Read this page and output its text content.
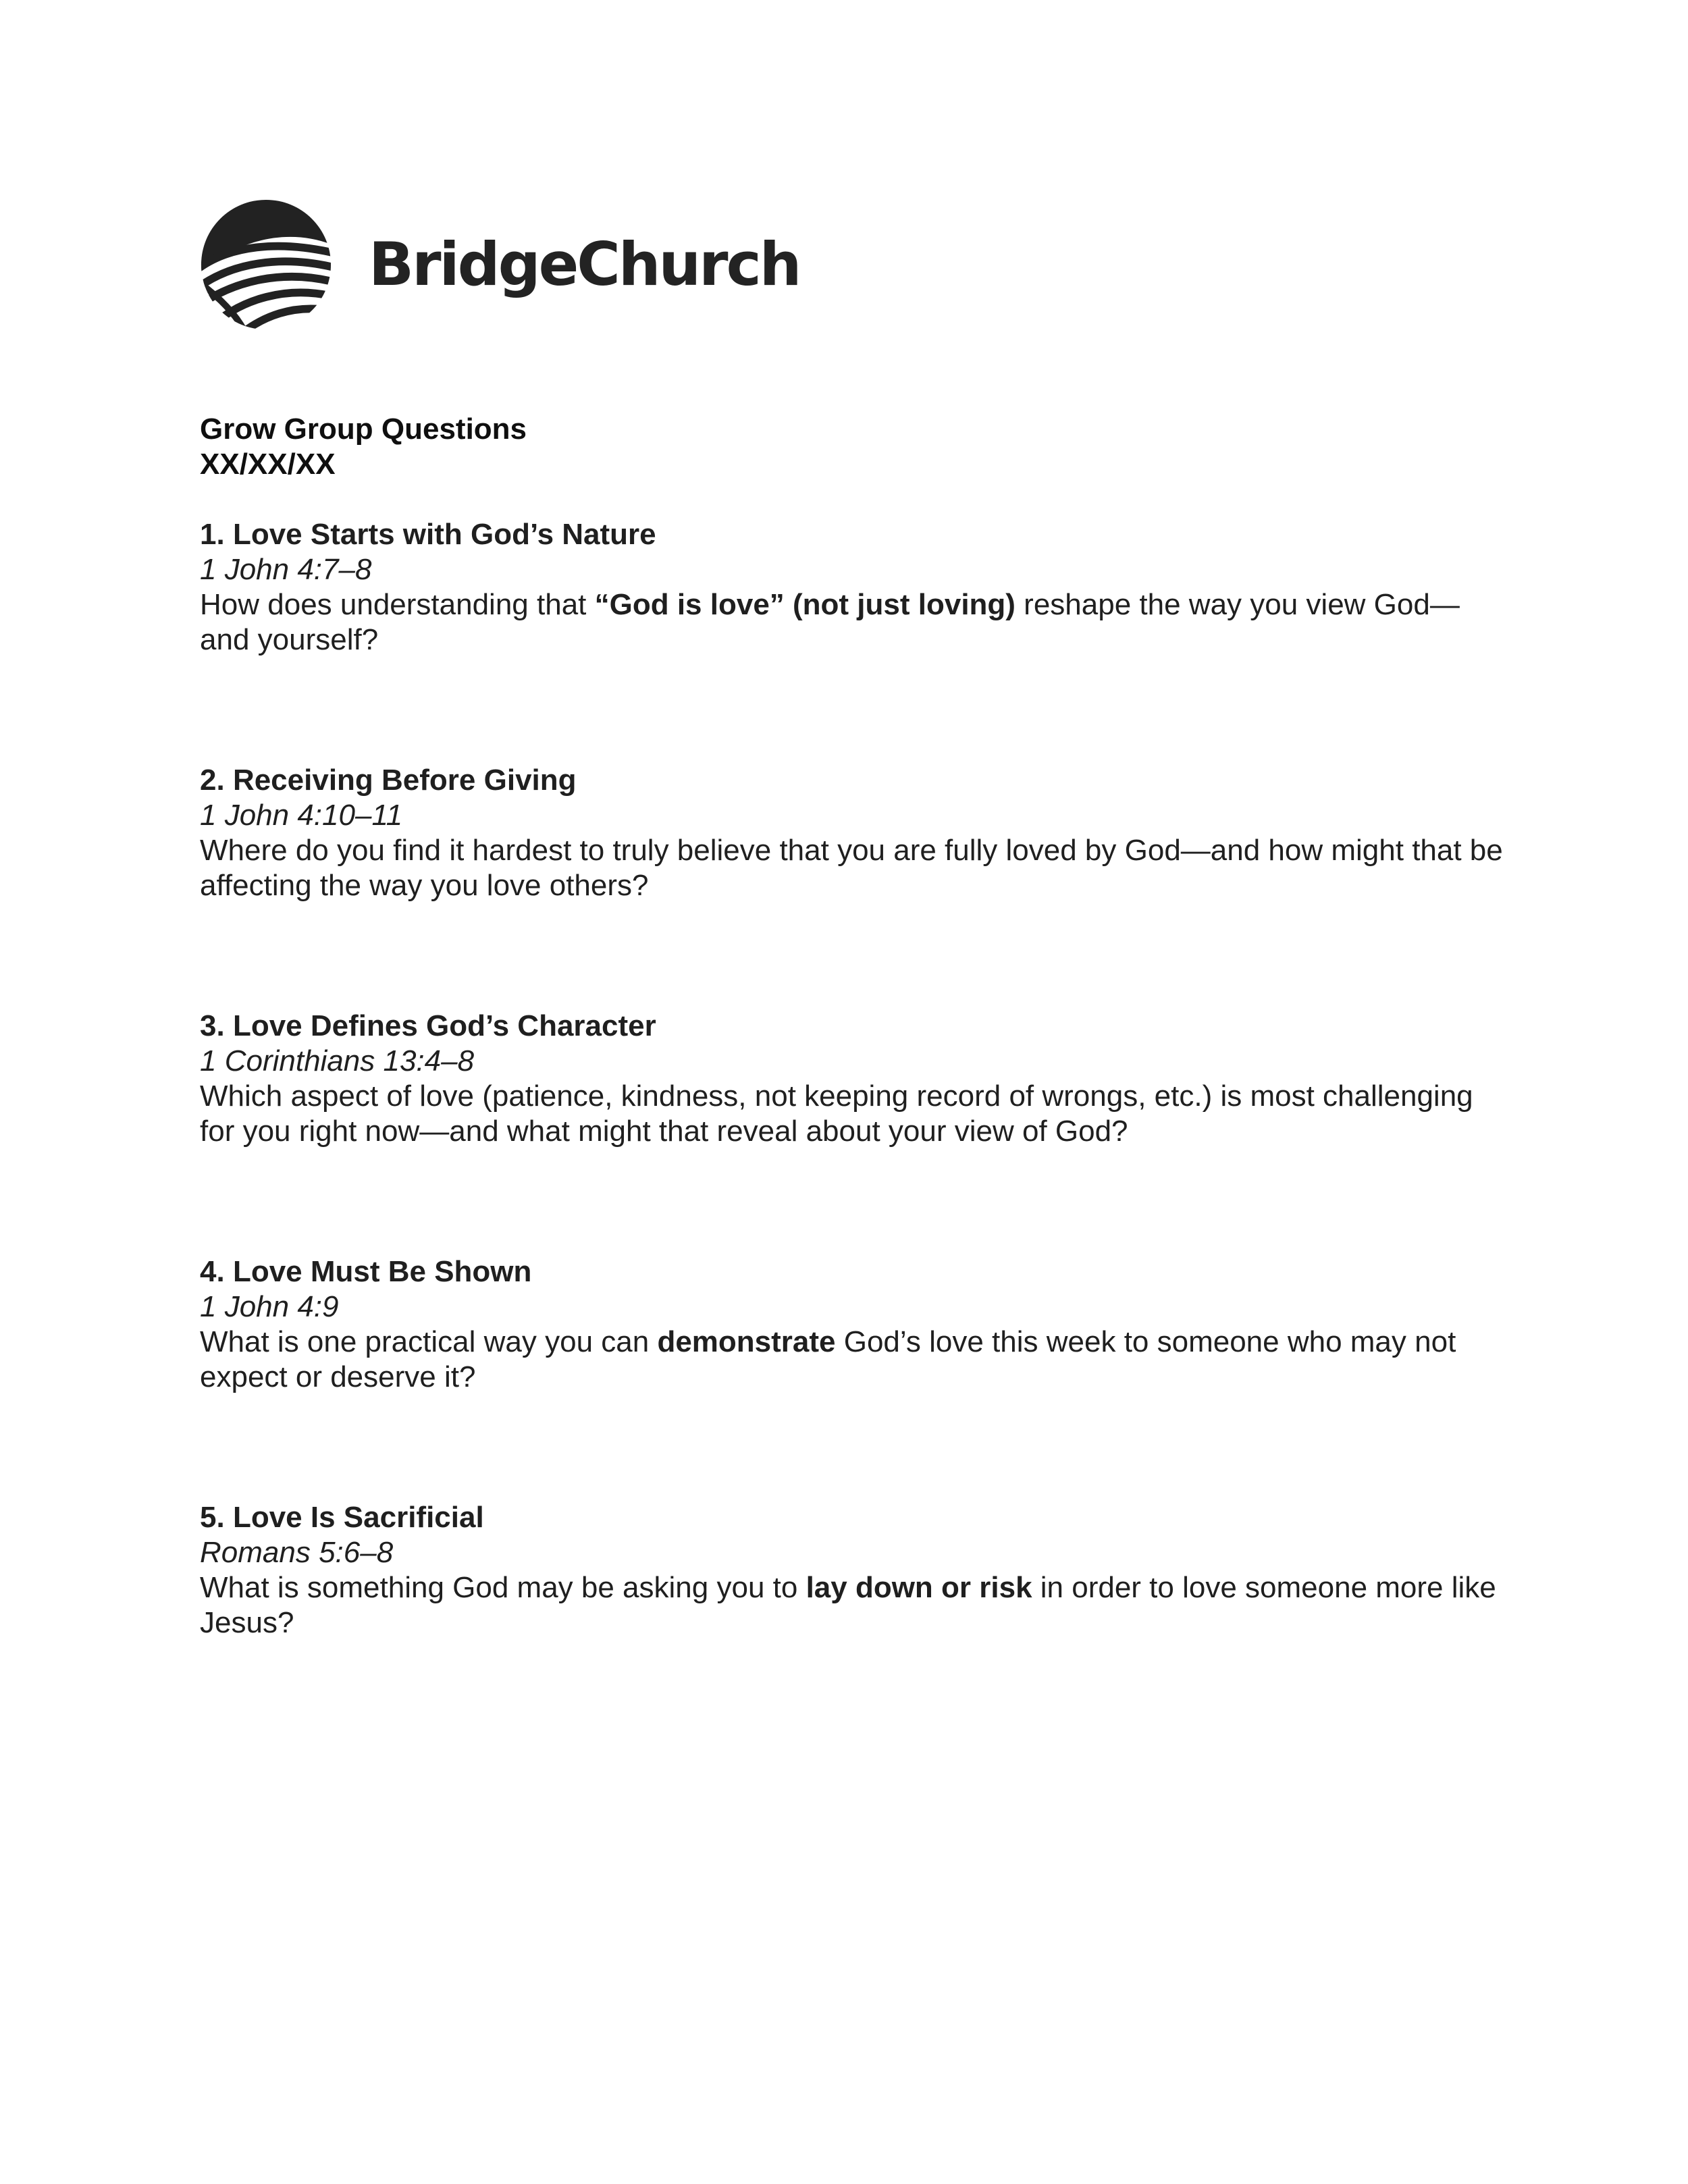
BridgeChurch
Grow Group Questions
XX/XX/XX
1. Love Starts with God’s Nature
1 John 4:7–8
How does understanding that “God is love” (not just loving) reshape the way you view God—and yourself?
2. Receiving Before Giving
1 John 4:10–11
Where do you find it hardest to truly believe that you are fully loved by God—and how might that be affecting the way you love others?
3. Love Defines God’s Character
1 Corinthians 13:4–8
Which aspect of love (patience, kindness, not keeping record of wrongs, etc.) is most challenging for you right now—and what might that reveal about your view of God?
4. Love Must Be Shown
1 John 4:9
What is one practical way you can demonstrate God’s love this week to someone who may not expect or deserve it?
5. Love Is Sacrificial
Romans 5:6–8
What is something God may be asking you to lay down or risk in order to love someone more like Jesus?
